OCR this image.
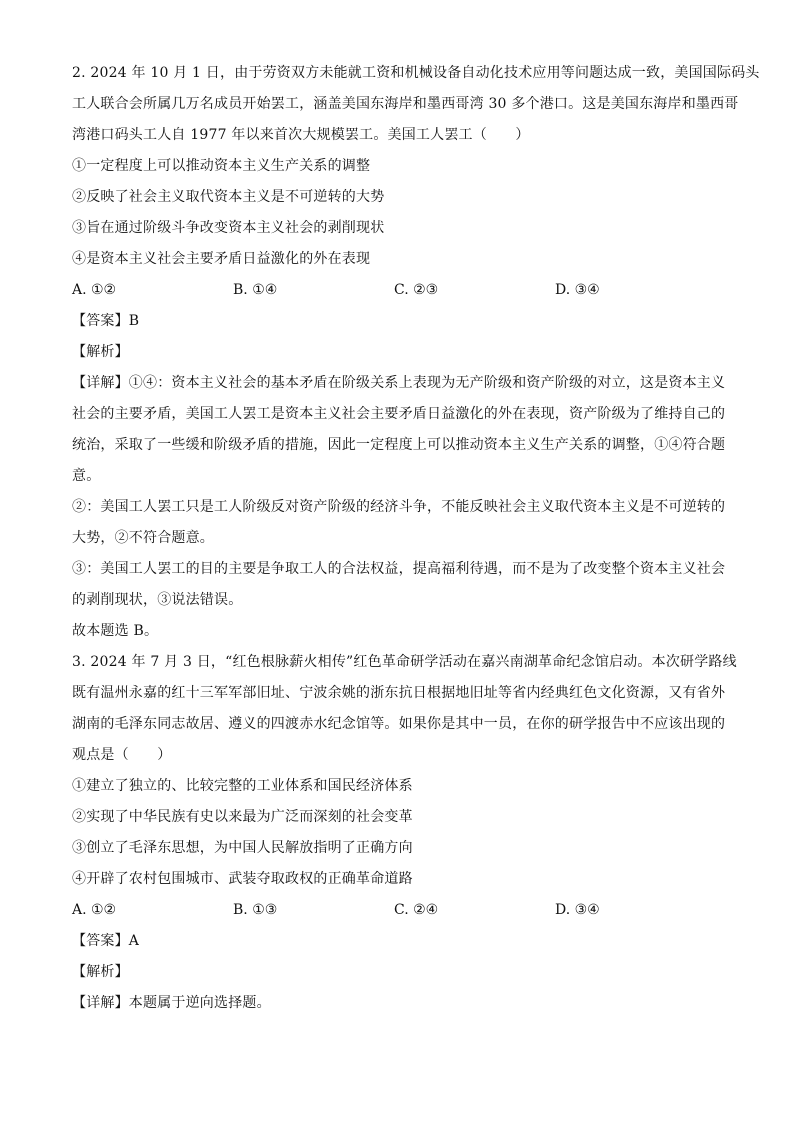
2. 2024 年 10 月 1 日，由于劳资双方未能就工资和机械设备自动化技术应用等问题达成一致，美国国际码头
工人联合会所属几万名成员开始罢工，涵盖美国东海岸和墨西哥湾 30 多个港口。这是美国东海岸和墨西哥
湾港口码头工人自 1977 年以来首次大规模罢工。美国工人罢工（　　）
①一定程度上可以推动资本主义生产关系的调整
②反映了社会主义取代资本主义是不可逆转的大势
③旨在通过阶级斗争改变资本主义社会的剥削现状
④是资本主义社会主要矛盾日益激化的外在表现
A. ①②	B. ①④	C. ②③	D. ③④
【答案】B
【解析】
【详解】①④：资本主义社会的基本矛盾在阶级关系上表现为无产阶级和资产阶级的对立，这是资本主义
社会的主要矛盾，美国工人罢工是资本主义社会主要矛盾日益激化的外在表现，资产阶级为了维持自己的
统治，采取了一些缓和阶级矛盾的措施，因此一定程度上可以推动资本主义生产关系的调整，①④符合题
意。
②：美国工人罢工只是工人阶级反对资产阶级的经济斗争，不能反映社会主义取代资本主义是不可逆转的
大势，②不符合题意。
③：美国工人罢工的目的主要是争取工人的合法权益，提高福利待遇，而不是为了改变整个资本主义社会
的剥削现状，③说法错误。
故本题选 B。
3. 2024 年 7 月 3 日，“红色根脉薪火相传”红色革命研学活动在嘉兴南湖革命纪念馆启动。本次研学路线
既有温州永嘉的红十三军军部旧址、宁波余姚的浙东抗日根据地旧址等省内经典红色文化资源，又有省外
湖南的毛泽东同志故居、遵义的四渡赤水纪念馆等。如果你是其中一员，在你的研学报告中不应该出现的
观点是（　　）
①建立了独立的、比较完整的工业体系和国民经济体系
②实现了中华民族有史以来最为广泛而深刻的社会变革
③创立了毛泽东思想，为中国人民解放指明了正确方向
④开辟了农村包围城市、武装夺取政权的正确革命道路
A. ①②	B. ①③	C. ②④	D. ③④
【答案】A
【解析】
【详解】本题属于逆向选择题。
